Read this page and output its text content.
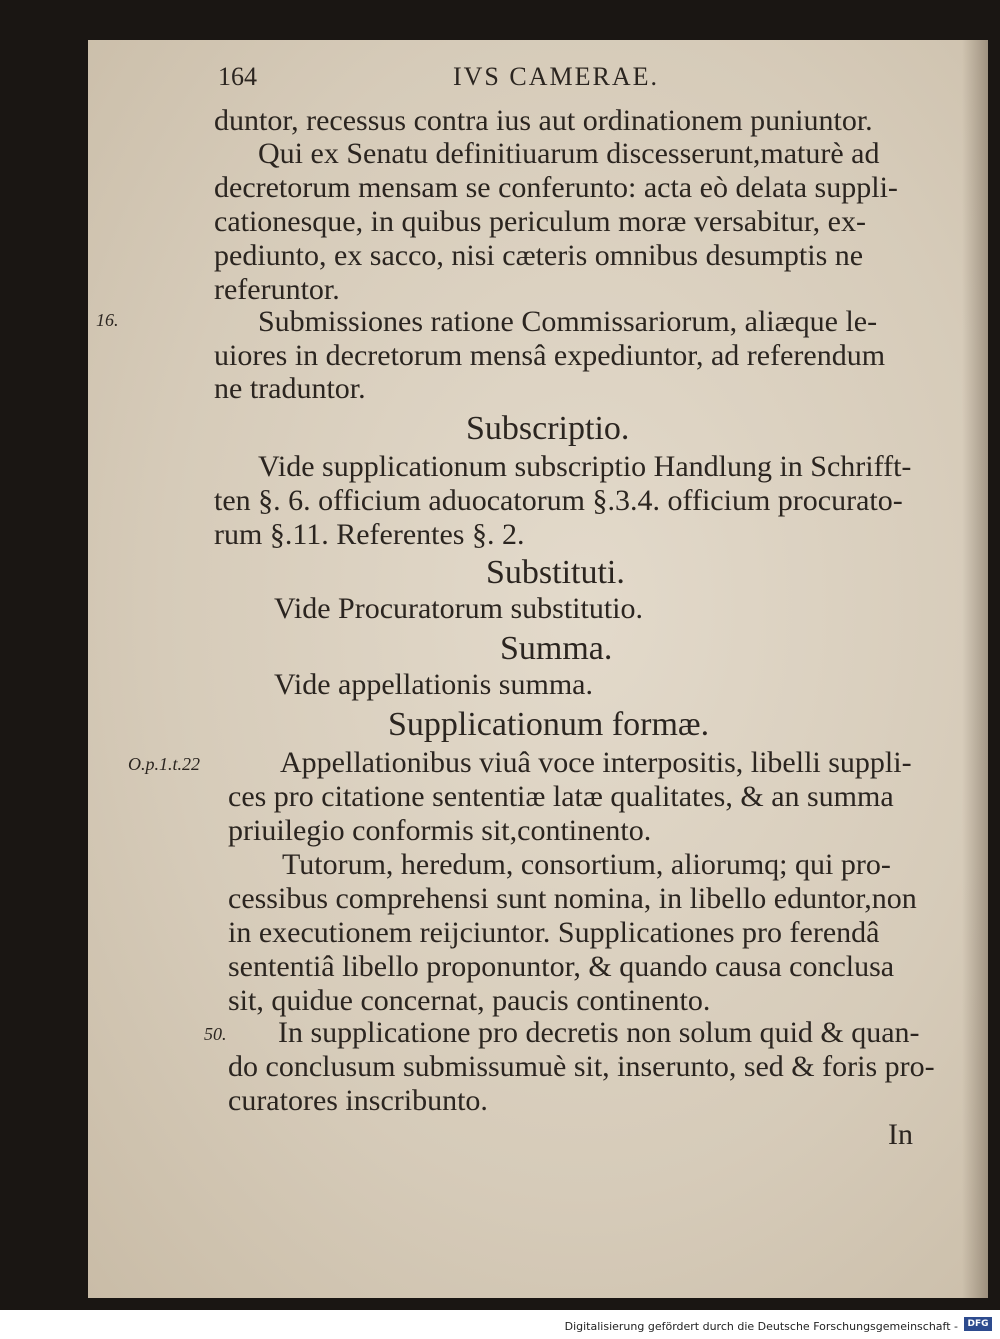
164	IVS CAMERAE.
duntor, recessus contra ius aut ordinationem puniuntor.
Qui ex Senatu definitiuarum discesserunt,maturè ad
decretorum mensam se conferunto: acta eò delata suppli-
cationesque, in quibus periculum moræ versabitur, ex-
pediunto, ex sacco, nisi cæteris omnibus desumptis ne
referuntor.
16.	Submissiones ratione Commissariorum, aliæque le-
uiores in decretorum mensâ expediuntor, ad referendum
ne traduntor.
Subscriptio.
Vide supplicationum subscriptio Handlung in Schrifft-
ten §. 6. officium aduocatorum §.3.4. officium procurato-
rum §.11. Referentes §. 2.
Substituti.
Vide Procuratorum substitutio.
Summa.
Vide appellationis summa.
Supplicationum formæ.
O.p.1.t.22	Appellationibus viuâ voce interpositis, libelli suppli-
ces pro citatione sententiæ latæ qualitates, & an summa
priuilegio conformis sit,continento.
Tutorum, heredum, consortium, aliorumq; qui pro-
cessibus comprehensi sunt nomina, in libello eduntor,non
in executionem reijciuntor. Supplicationes pro ferendâ
sententiâ libello proponuntor, & quando causa conclusa
sit, quidue concernat, paucis continento.
50. In supplicatione pro decretis non solum quid & quan-
do conclusum submissumuè sit, inserunto, sed & foris pro-
curatores inscribunto.
In
Digitalisierung gefördert durch die Deutsche Forschungsgemeinschaft -	DFG
